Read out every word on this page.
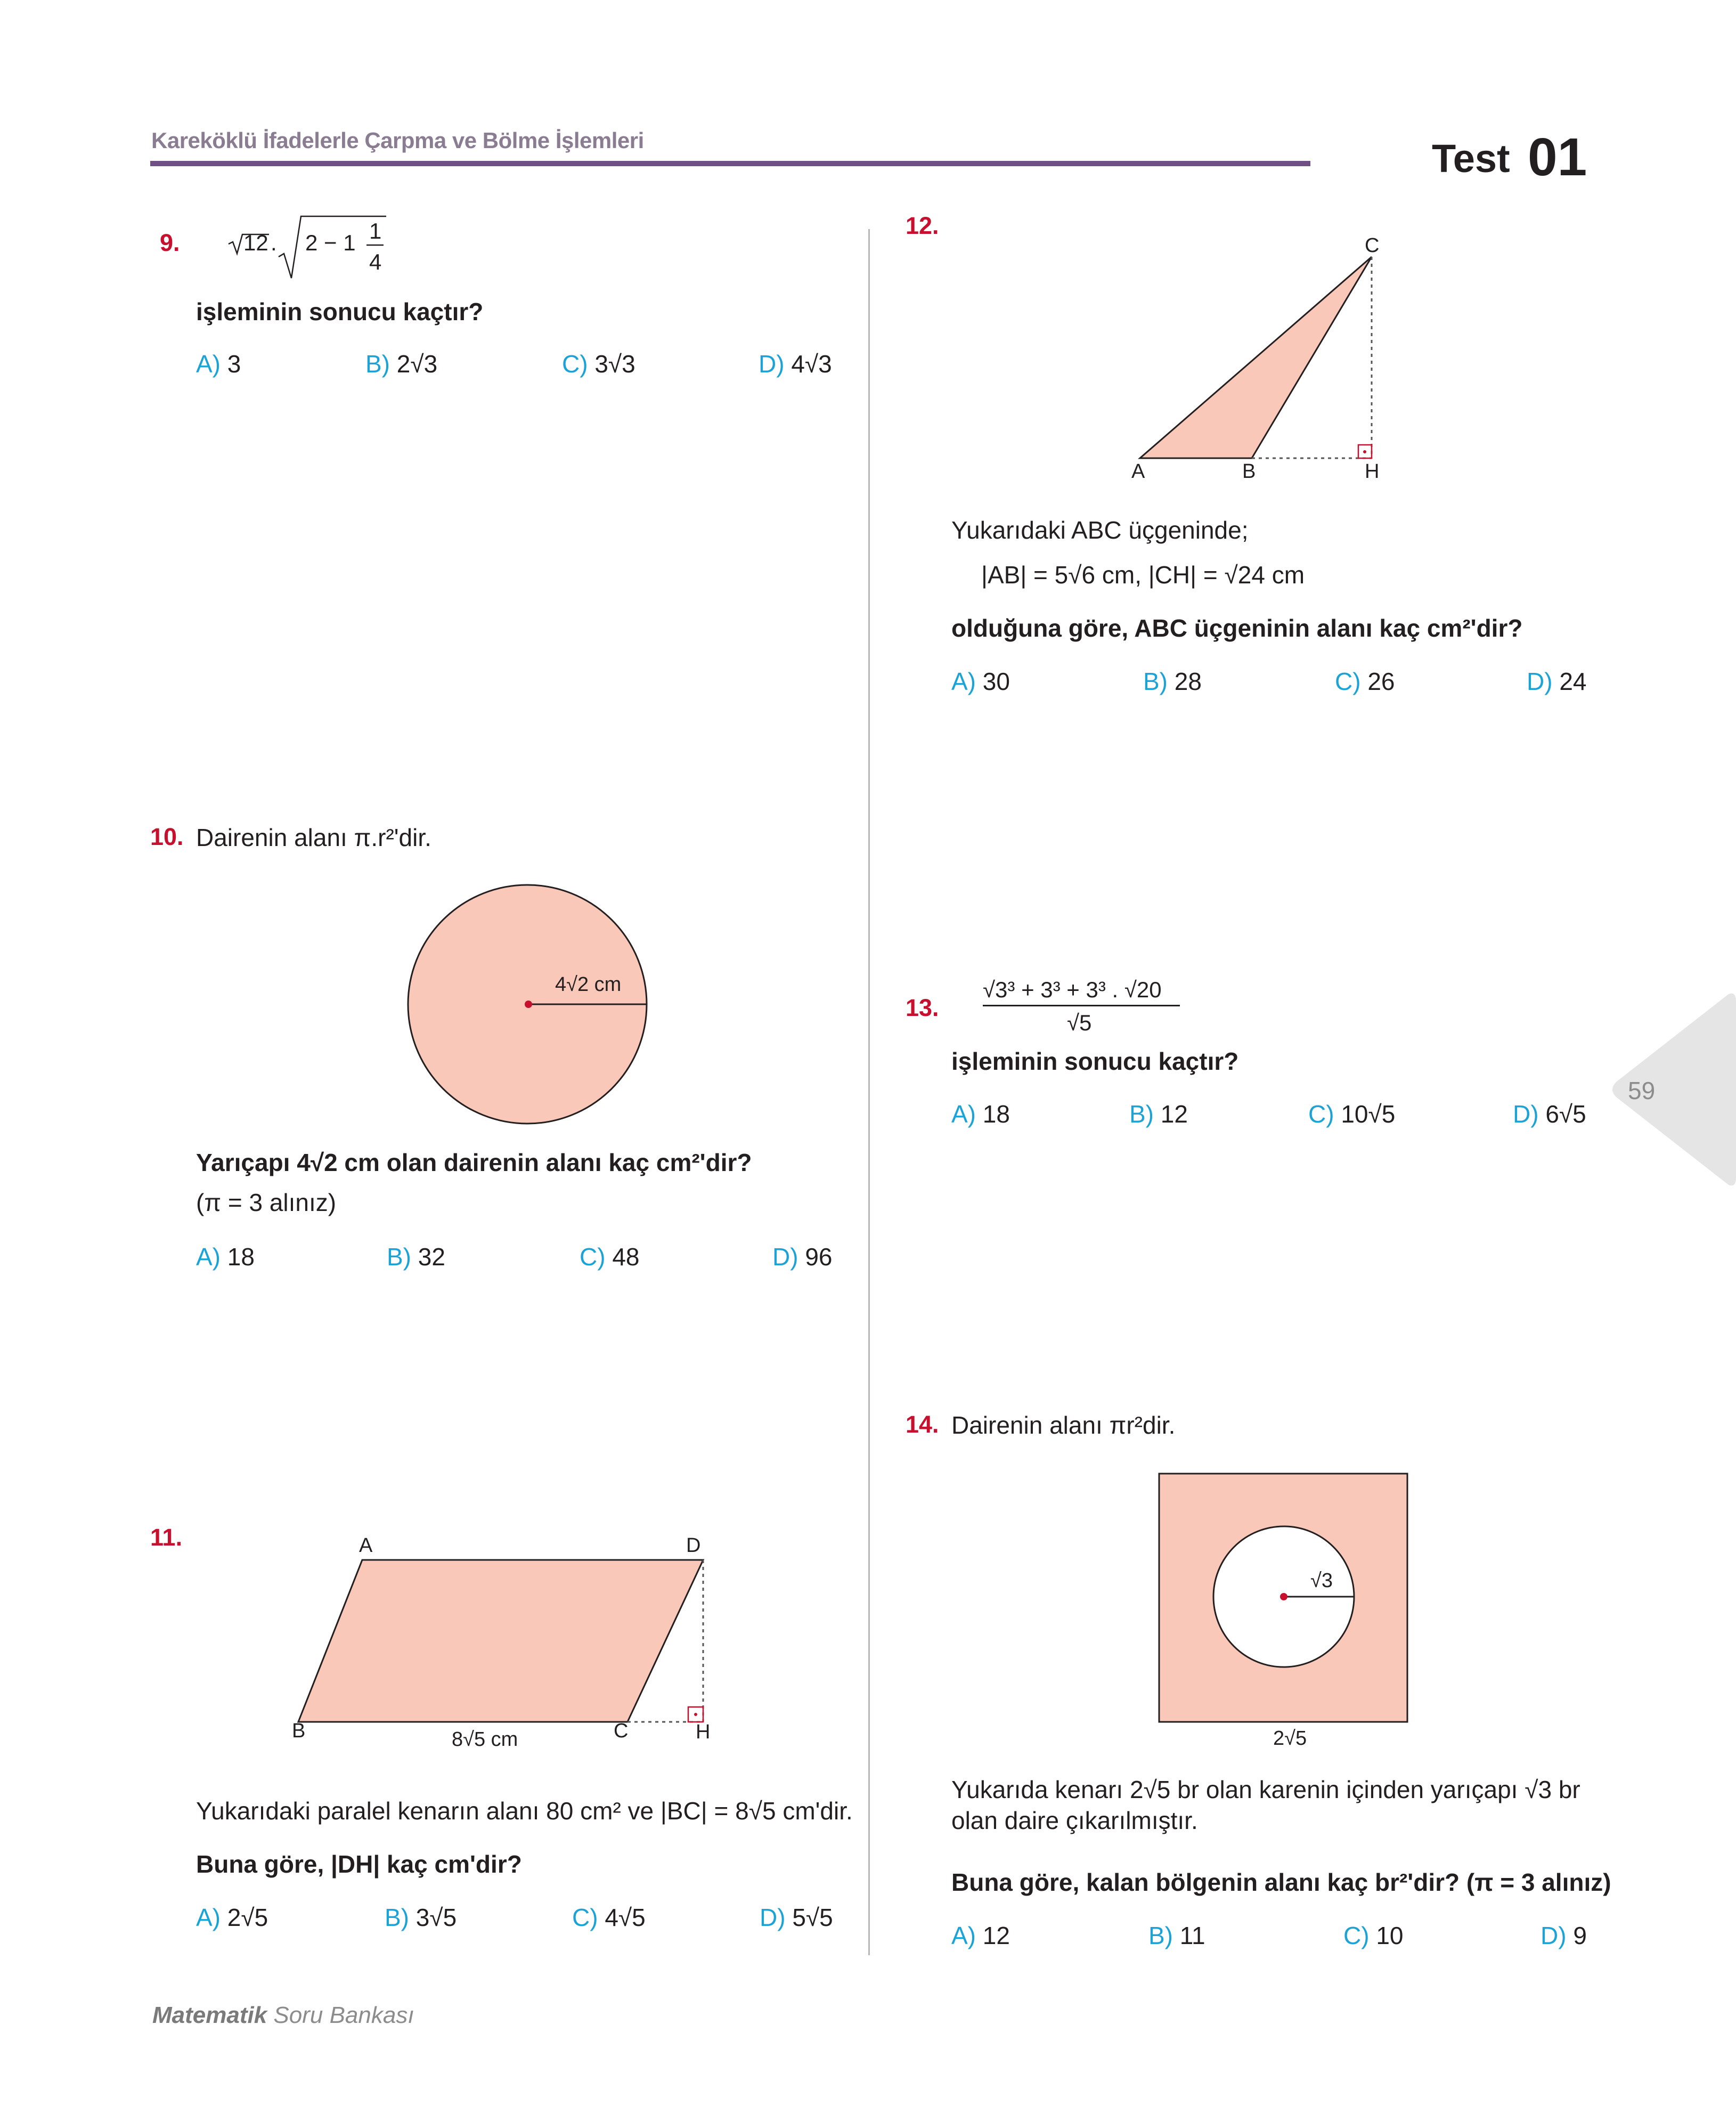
Kareköklü İfadelerle Çarpma ve Bölme İşlemleri	Test 01
9.	12 . 2 − 1 1
4
işleminin sonucu kaçtır?
A) 3	B) 2√3	C) 3√3	D) 4√3
10. Dairenin alanı π.r²'dir.
4√2 cm
Yarıçapı 4√2 cm olan dairenin alanı kaç cm²'dir?
(π = 3 alınız)
A) 18	B) 32	C) 48	D) 96
11.	A	D
B	C	H
8√5 cm
Yukarıdaki paralel kenarın alanı 80 cm² ve |BC| = 8√5 cm'dir.
Buna göre, |DH| kaç cm'dir?
A) 2√5	B) 3√5	C) 4√5	D) 5√5
12.
C
A	B	H
Yukarıdaki ABC üçgeninde;
|AB| = 5√6 cm, |CH| = √24 cm
olduğuna göre, ABC üçgeninin alanı kaç cm²'dir?
A) 30	B) 28	C) 26	D) 24
13.
√3³ + 3³ + 3³ . √20
√5
işleminin sonucu kaçtır?
A) 18	B) 12	C) 10√5	D) 6√5
59
14. Dairenin alanı πr²dir.
√3
2√5
Yukarıda kenarı 2√5 br olan karenin içinden yarıçapı √3 br
olan daire çıkarılmıştır.
Buna göre, kalan bölgenin alanı kaç br²'dir? (π = 3 alınız)
A) 12	B) 11	C) 10	D) 9
Matematik Soru Bankası
